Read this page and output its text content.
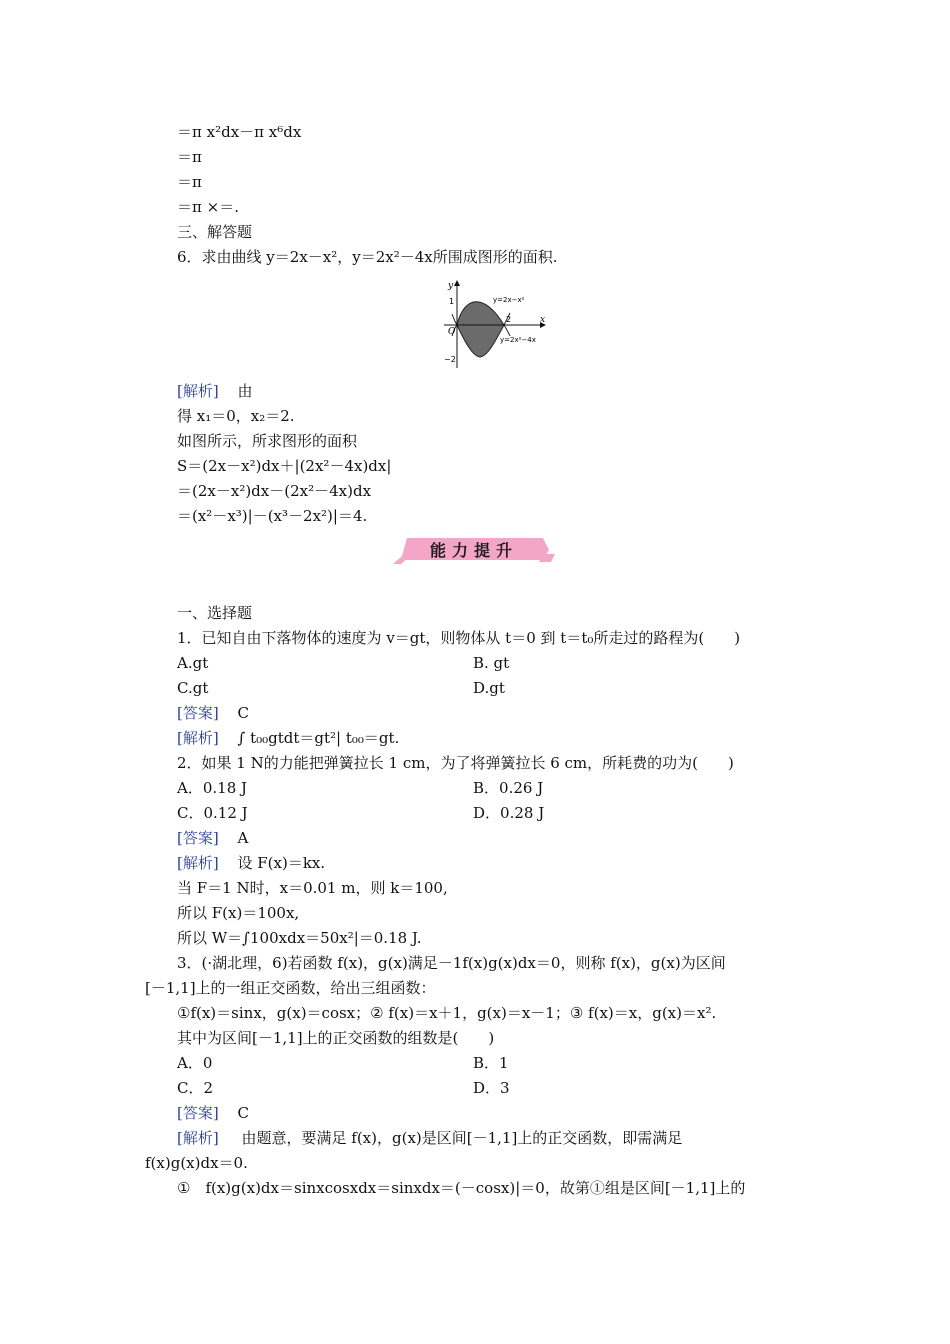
＝π x²dx－π x⁶dx
＝π
＝π
＝π ×＝.
三、解答题
6．求由曲线 y＝2x－x²，y＝2x²－4x所围成图形的面积.
y
x
O
1
2
−2
y=2x−x²
y=2x²−4x
[解析] 由
得 x₁＝0，x₂＝2.
如图所示，所求图形的面积
S＝(2x－x²)dx＋|(2x²－4x)dx|
＝(2x－x²)dx－(2x²－4x)dx
＝(x²－x³)|－(x³－2x²)|＝4.
能力提升
一、选择题
1．已知自由下落物体的速度为 v＝gt，则物体从 t＝0 到 t＝t₀所走过的路程为(　　)
A.gt	B. gt
C.gt	D.gt
[答案] C
[解析] ∫ t₀₀gtdt＝gt²| t₀₀＝gt.
2．如果 1 N的力能把弹簧拉长 1 cm，为了将弹簧拉长 6 cm，所耗费的功为(　　)
A．0.18 J	B．0.26 J
C．0.12 J	D．0.28 J
[答案] A
[解析] 设 F(x)＝kx.
当 F＝1 N时，x＝0.01 m，则 k＝100,
所以 F(x)＝100x,
所以 W＝∫100xdx＝50x²|＝0.18 J.
3．(·湖北理，6)若函数 f(x)，g(x)满足－1f(x)g(x)dx＝0，则称 f(x)，g(x)为区间
[－1,1]上的一组正交函数，给出三组函数：
①f(x)＝sinx，g(x)＝cosx；② f(x)＝x＋1，g(x)＝x－1；③ f(x)＝x，g(x)＝x².
其中为区间[－1,1]上的正交函数的组数是(　　)
A．0	B．1
C．2	D．3
[答案] C
[解析] 由题意，要满足 f(x)，g(x)是区间[－1,1]上的正交函数，即需满足
f(x)g(x)dx＝0.
①　f(x)g(x)dx＝sinxcosxdx＝sinxdx＝(－cosx)|＝0，故第①组是区间[－1,1]上的
